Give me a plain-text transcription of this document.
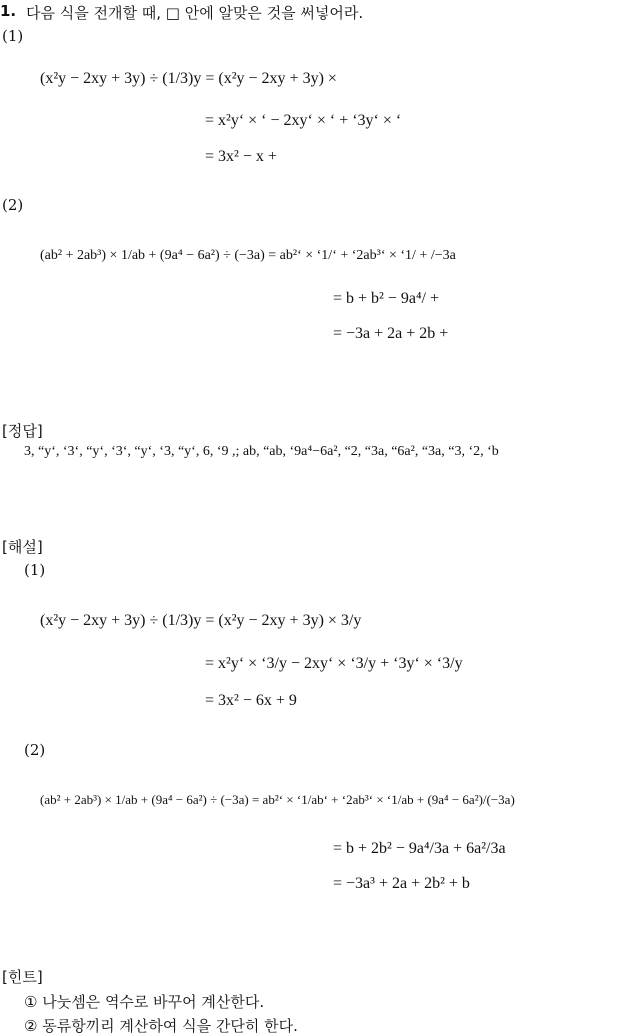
1. 다음 식을 전개할 때, □ 안에 알맞은 것을 써넣어라.
(1)
(x²y − 2xy + 3y) ÷ (1/3)y = (x²y − 2xy + 3y) ×
= x²y‘ × ‘ − 2xy‘ × ‘ + ‘3y‘ × ‘
= 3x² − x +
(2)
(ab² + 2ab³) × 1/ab + (9a⁴ − 6a²) ÷ (−3a) = ab²‘ × ‘1/‘ + ‘2ab³‘ × ‘1/ + /−3a
= b + b² − 9a⁴/ +
= −3a + 2a + 2b +
[정답]
3, “y‘, ‘3‘, “y‘, ‘3‘, “y‘, ‘3, “y‘, 6, ‘9 ,; ab, “ab, ‘9a⁴−6a², “2, “3a, “6a², “3a, “3, ‘2, ‘b
[해설]
(1)
(x²y − 2xy + 3y) ÷ (1/3)y = (x²y − 2xy + 3y) × 3/y
= x²y‘ × ‘3/y − 2xy‘ × ‘3/y + ‘3y‘ × ‘3/y
= 3x² − 6x + 9
(2)
(ab² + 2ab³) × 1/ab + (9a⁴ − 6a²) ÷ (−3a) = ab²‘ × ‘1/ab‘ + ‘2ab³‘ × ‘1/ab + (9a⁴ − 6a²)/(−3a)
= b + 2b² − 9a⁴/3a + 6a²/3a
= −3a³ + 2a + 2b² + b
[힌트]
① 나눗셈은 역수로 바꾸어 계산한다.
② 동류항끼리 계산하여 식을 간단히 한다.
